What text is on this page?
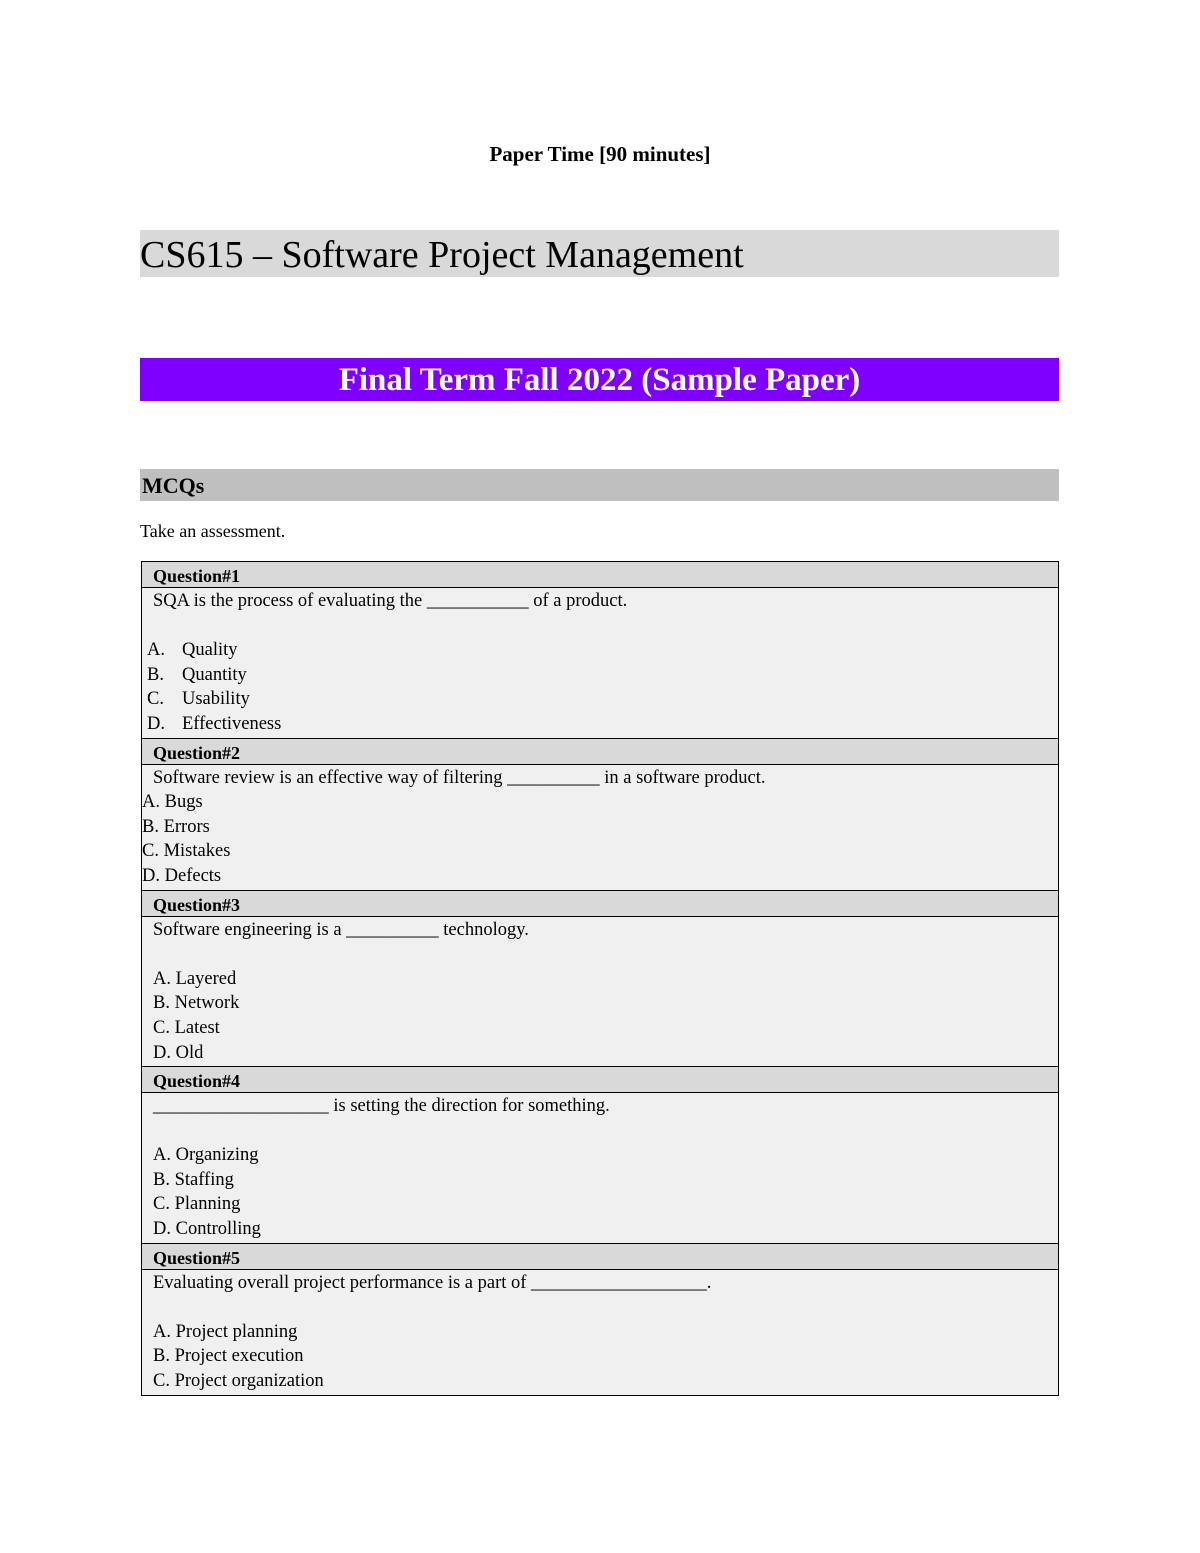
Paper Time [90 minutes]
CS615 – Software Project Management
Final Term Fall 2022 (Sample Paper)
MCQs
Take an assessment.
Question#1
SQA is the process of evaluating the ___________ of a product.
A. Quality
B. Quantity
C. Usability
D. Effectiveness
Question#2
Software review is an effective way of filtering __________ in a software product.
A. Bugs
B. Errors
C. Mistakes
D. Defects
Question#3
Software engineering is a __________ technology.
A. Layered
B. Network
C. Latest
D. Old
Question#4
___________________ is setting the direction for something.
A. Organizing
B. Staffing
C. Planning
D. Controlling
Question#5
Evaluating overall project performance is a part of ___________________.
A. Project planning
B. Project execution
C. Project organization
